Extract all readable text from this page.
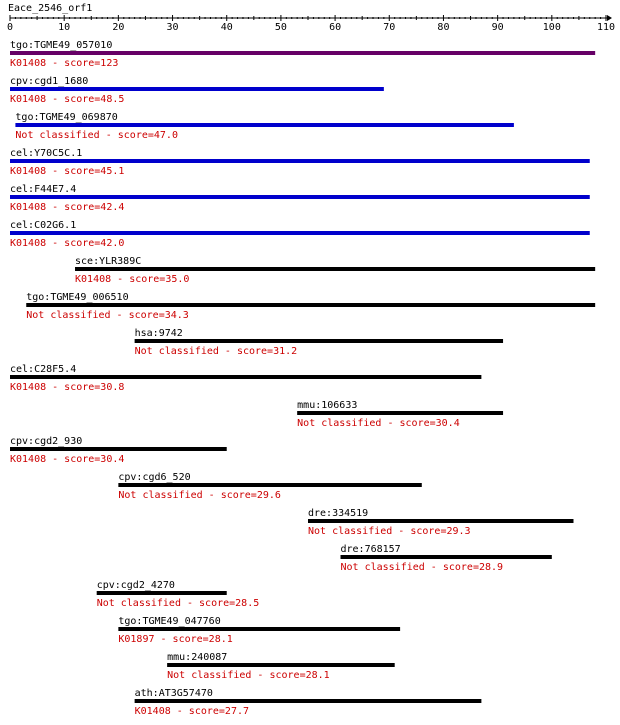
Eace_2546_orf1
0	10	20	30	40	50	60	70	80	90	100	110
tgo:TGME49_057010
K01408 - score=123
cpv:cgd1_1680
K01408 - score=48.5
tgo:TGME49_069870
Not classified - score=47.0
cel:Y70C5C.1
K01408 - score=45.1
cel:F44E7.4
K01408 - score=42.4
cel:C02G6.1
K01408 - score=42.0
sce:YLR389C
K01408 - score=35.0
tgo:TGME49_006510
Not classified - score=34.3
hsa:9742
Not classified - score=31.2
cel:C28F5.4
K01408 - score=30.8
mmu:106633
Not classified - score=30.4
cpv:cgd2_930
K01408 - score=30.4
cpv:cgd6_520
Not classified - score=29.6
dre:334519
Not classified - score=29.3
dre:768157
Not classified - score=28.9
cpv:cgd2_4270
Not classified - score=28.5
tgo:TGME49_047760
K01897 - score=28.1
mmu:240087
Not classified - score=28.1
ath:AT3G57470
K01408 - score=27.7
